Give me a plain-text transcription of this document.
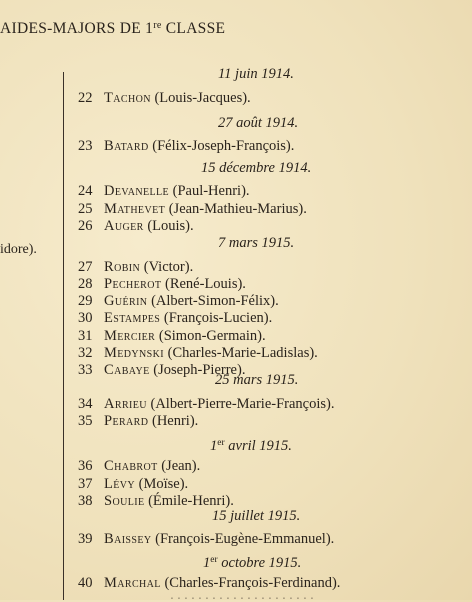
AIDES-MAJORS DE 1re CLASSE
idore).
11 juin 1914.
22 Tachon (Louis-Jacques).
27 août 1914.
23 Batard (Félix-Joseph-François).
15 décembre 1914.
24 Devanelle (Paul-Henri).
25 Mathevet (Jean-Mathieu-Marius).
26 Auger (Louis).
7 mars 1915.
27 Robin (Victor).
28 Pecherot (René-Louis).
29 Guérin (Albert-Simon-Félix).
30 Estampes (François-Lucien).
31 Mercier (Simon-Germain).
32 Medynski (Charles-Marie-Ladislas).
33 Cabaye (Joseph-Pierre).
25 mars 1915.
34 Arrieu (Albert-Pierre-Marie-François).
35 Perard (Henri).
1er avril 1915.
36 Chabrot (Jean).
37 Lévy (Moïse).
38 Soulie (Émile-Henri).
15 juillet 1915.
39 Baissey (François-Eugène-Emmanuel).
1er octobre 1915.
40 Marchal (Charles-François-Ferdinand).
· · · · · · · · · · · · · · · · · · · · ·
